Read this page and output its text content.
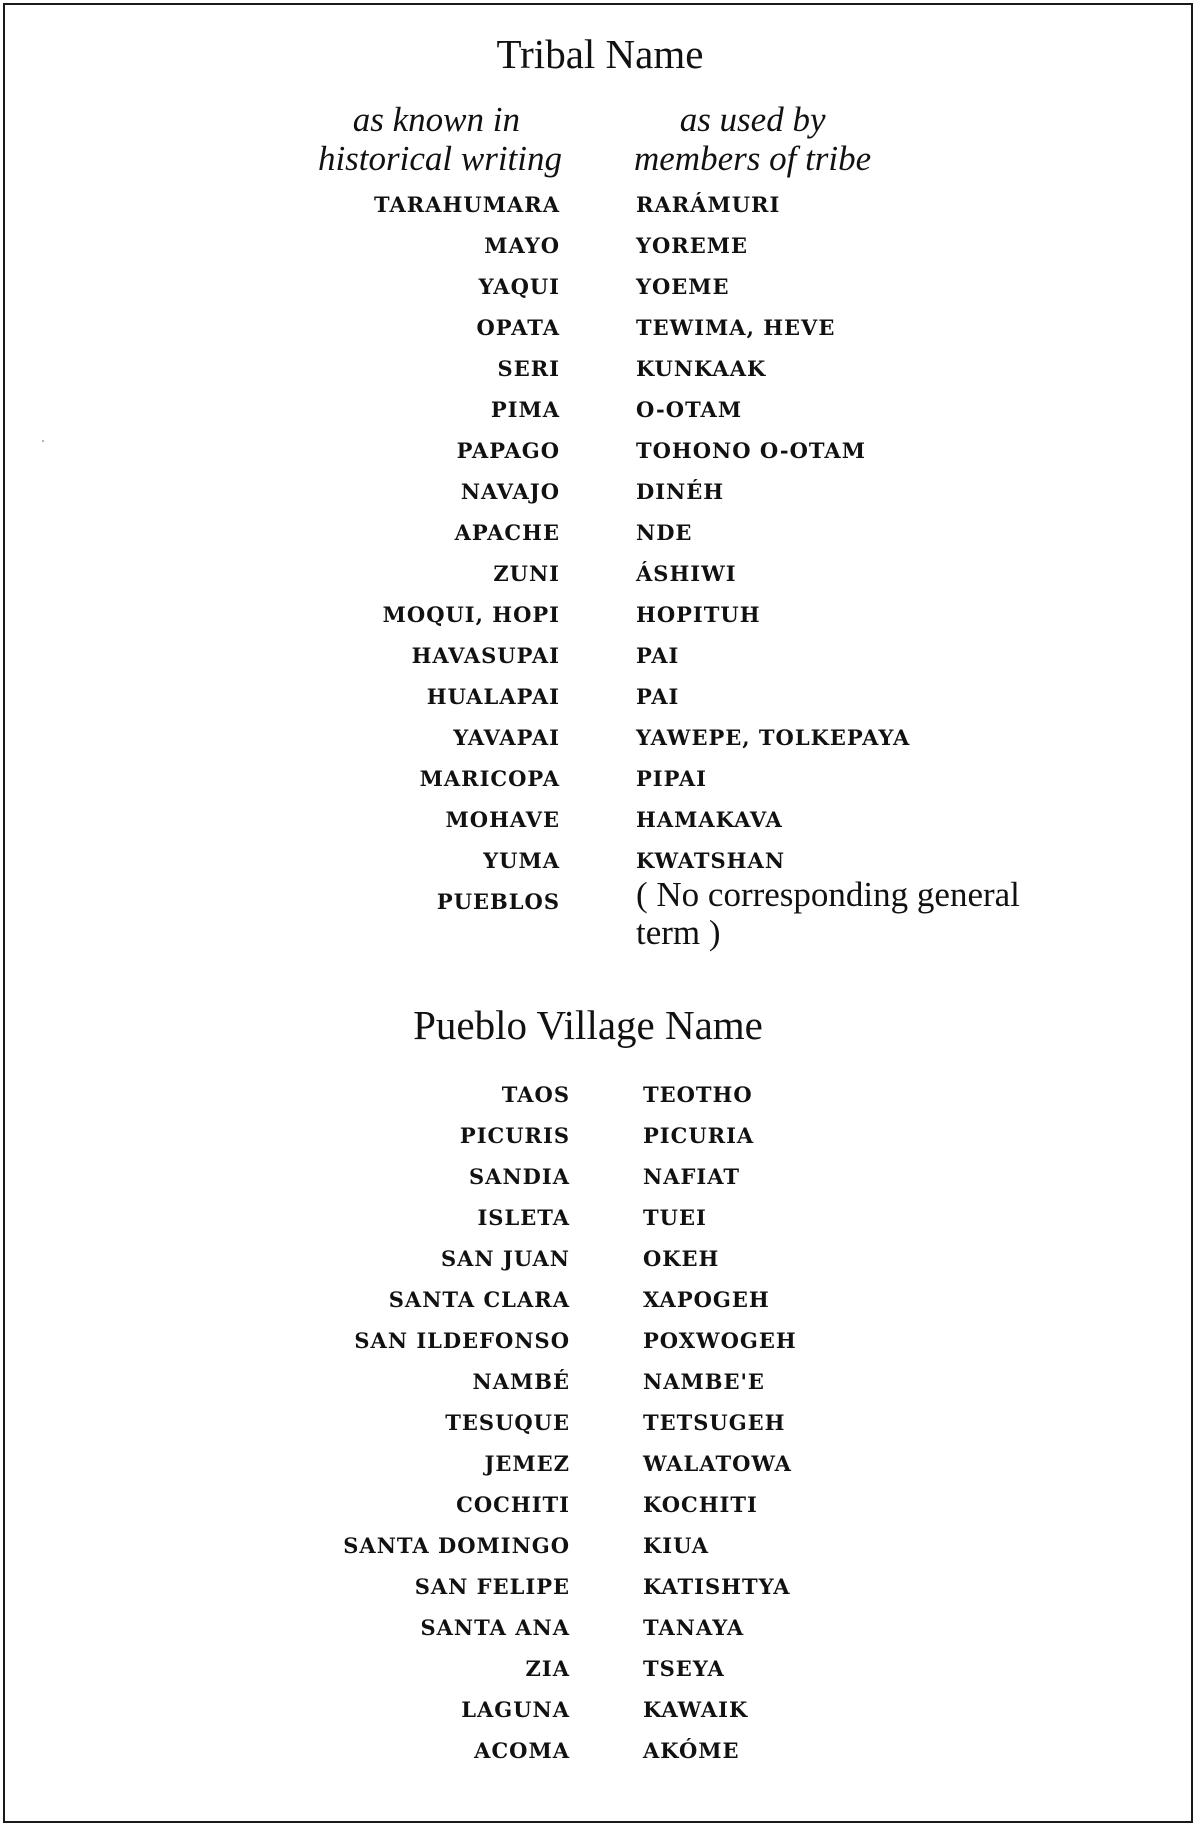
Tribal Name
as known in
historical writing
as used by
members of tribe
TARAHUMARA	RARÁMURI
MAYO	YOREME
YAQUI	YOEME
OPATA	TEWIMA, HEVE
SERI	KUNKAAK
PIMA	O-OTAM
PAPAGO	TOHONO O-OTAM
NAVAJO	DINÉH
APACHE	NDE
ZUNI	ÁSHIWI
MOQUI, HOPI	HOPITUH
HAVASUPAI	PAI
HUALAPAI	PAI
YAVAPAI	YAWEPE, TOLKEPAYA
MARICOPA	PIPAI
MOHAVE	HAMAKAVA
YUMA	KWATSHAN
PUEBLOS ( No corresponding general term )
Pueblo Village Name
TAOS	TEOTHO
PICURIS	PICURIA
SANDIA	NAFIAT
ISLETA	TUEI
SAN JUAN	OKEH
SANTA CLARA	XAPOGEH
SAN ILDEFONSO	POXWOGEH
NAMBÉ	NAMBE'E
TESUQUE	TETSUGEH
JEMEZ	WALATOWA
COCHITI	KOCHITI
SANTA DOMINGO	KIUA
SAN FELIPE	KATISHTYA
SANTA ANA	TANAYA
ZIA	TSEYA
LAGUNA	KAWAIK
ACOMA	AKÓME
